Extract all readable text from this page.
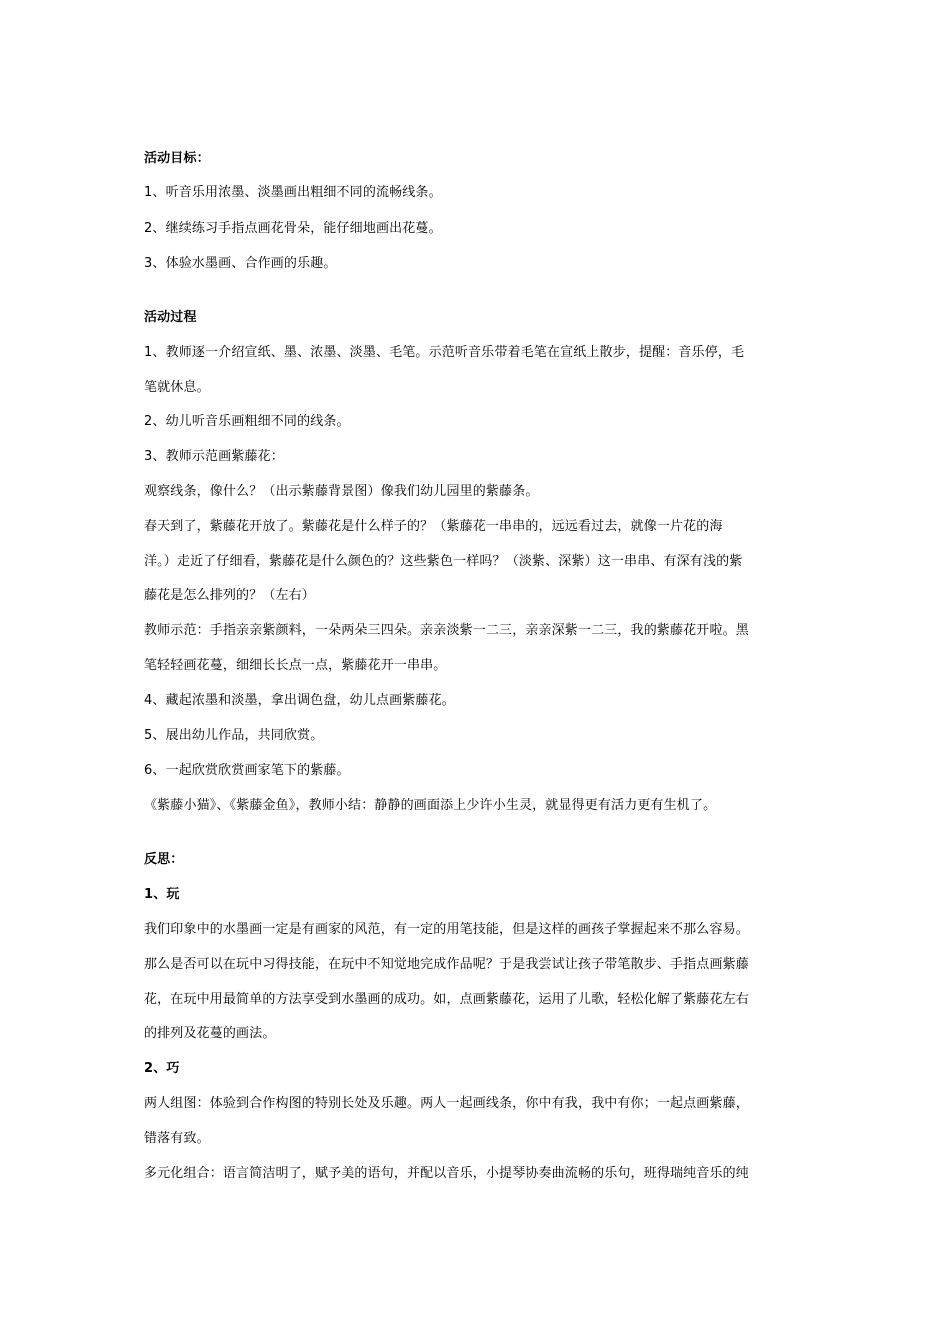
活动目标：

1、听音乐用浓墨、淡墨画出粗细不同的流畅线条。

2、继续练习手指点画花骨朵，能仔细地画出花蔓。

3、体验水墨画、合作画的乐趣。

活动过程

1、教师逐一介绍宣纸、墨、浓墨、淡墨、毛笔。示范听音乐带着毛笔在宣纸上散步，提醒：音乐停，毛

笔就休息。

2、幼儿听音乐画粗细不同的线条。

3、教师示范画紫藤花：

观察线条，像什么？（出示紫藤背景图）像我们幼儿园里的紫藤条。

春天到了，紫藤花开放了。紫藤花是什么样子的？（紫藤花一串串的，远远看过去，就像一片花的海

洋。）走近了仔细看，紫藤花是什么颜色的？这些紫色一样吗？（淡紫、深紫）这一串串、有深有浅的紫

藤花是怎么排列的？（左右）

教师示范：手指亲亲紫颜料，一朵两朵三四朵。亲亲淡紫一二三，亲亲深紫一二三，我的紫藤花开啦。黑

笔轻轻画花蔓，细细长长点一点，紫藤花开一串串。

4、藏起浓墨和淡墨，拿出调色盘，幼儿点画紫藤花。

5、展出幼儿作品，共同欣赏。

6、一起欣赏欣赏画家笔下的紫藤。

《紫藤小猫》、《紫藤金鱼》，教师小结：静静的画面添上少许小生灵，就显得更有活力更有生机了。

反思：

1、玩

我们印象中的水墨画一定是有画家的风范，有一定的用笔技能，但是这样的画孩子掌握起来不那么容易。

那么是否可以在玩中习得技能，在玩中不知觉地完成作品呢？于是我尝试让孩子带笔散步、手指点画紫藤

花，在玩中用最简单的方法享受到水墨画的成功。如，点画紫藤花，运用了儿歌，轻松化解了紫藤花左右

的排列及花蔓的画法。

2、巧

两人组图：体验到合作构图的特别长处及乐趣。两人一起画线条，你中有我，我中有你；一起点画紫藤，

错落有致。

多元化组合：语言简洁明了，赋予美的语句，并配以音乐，小提琴协奏曲流畅的乐句，班得瑞纯音乐的纯
